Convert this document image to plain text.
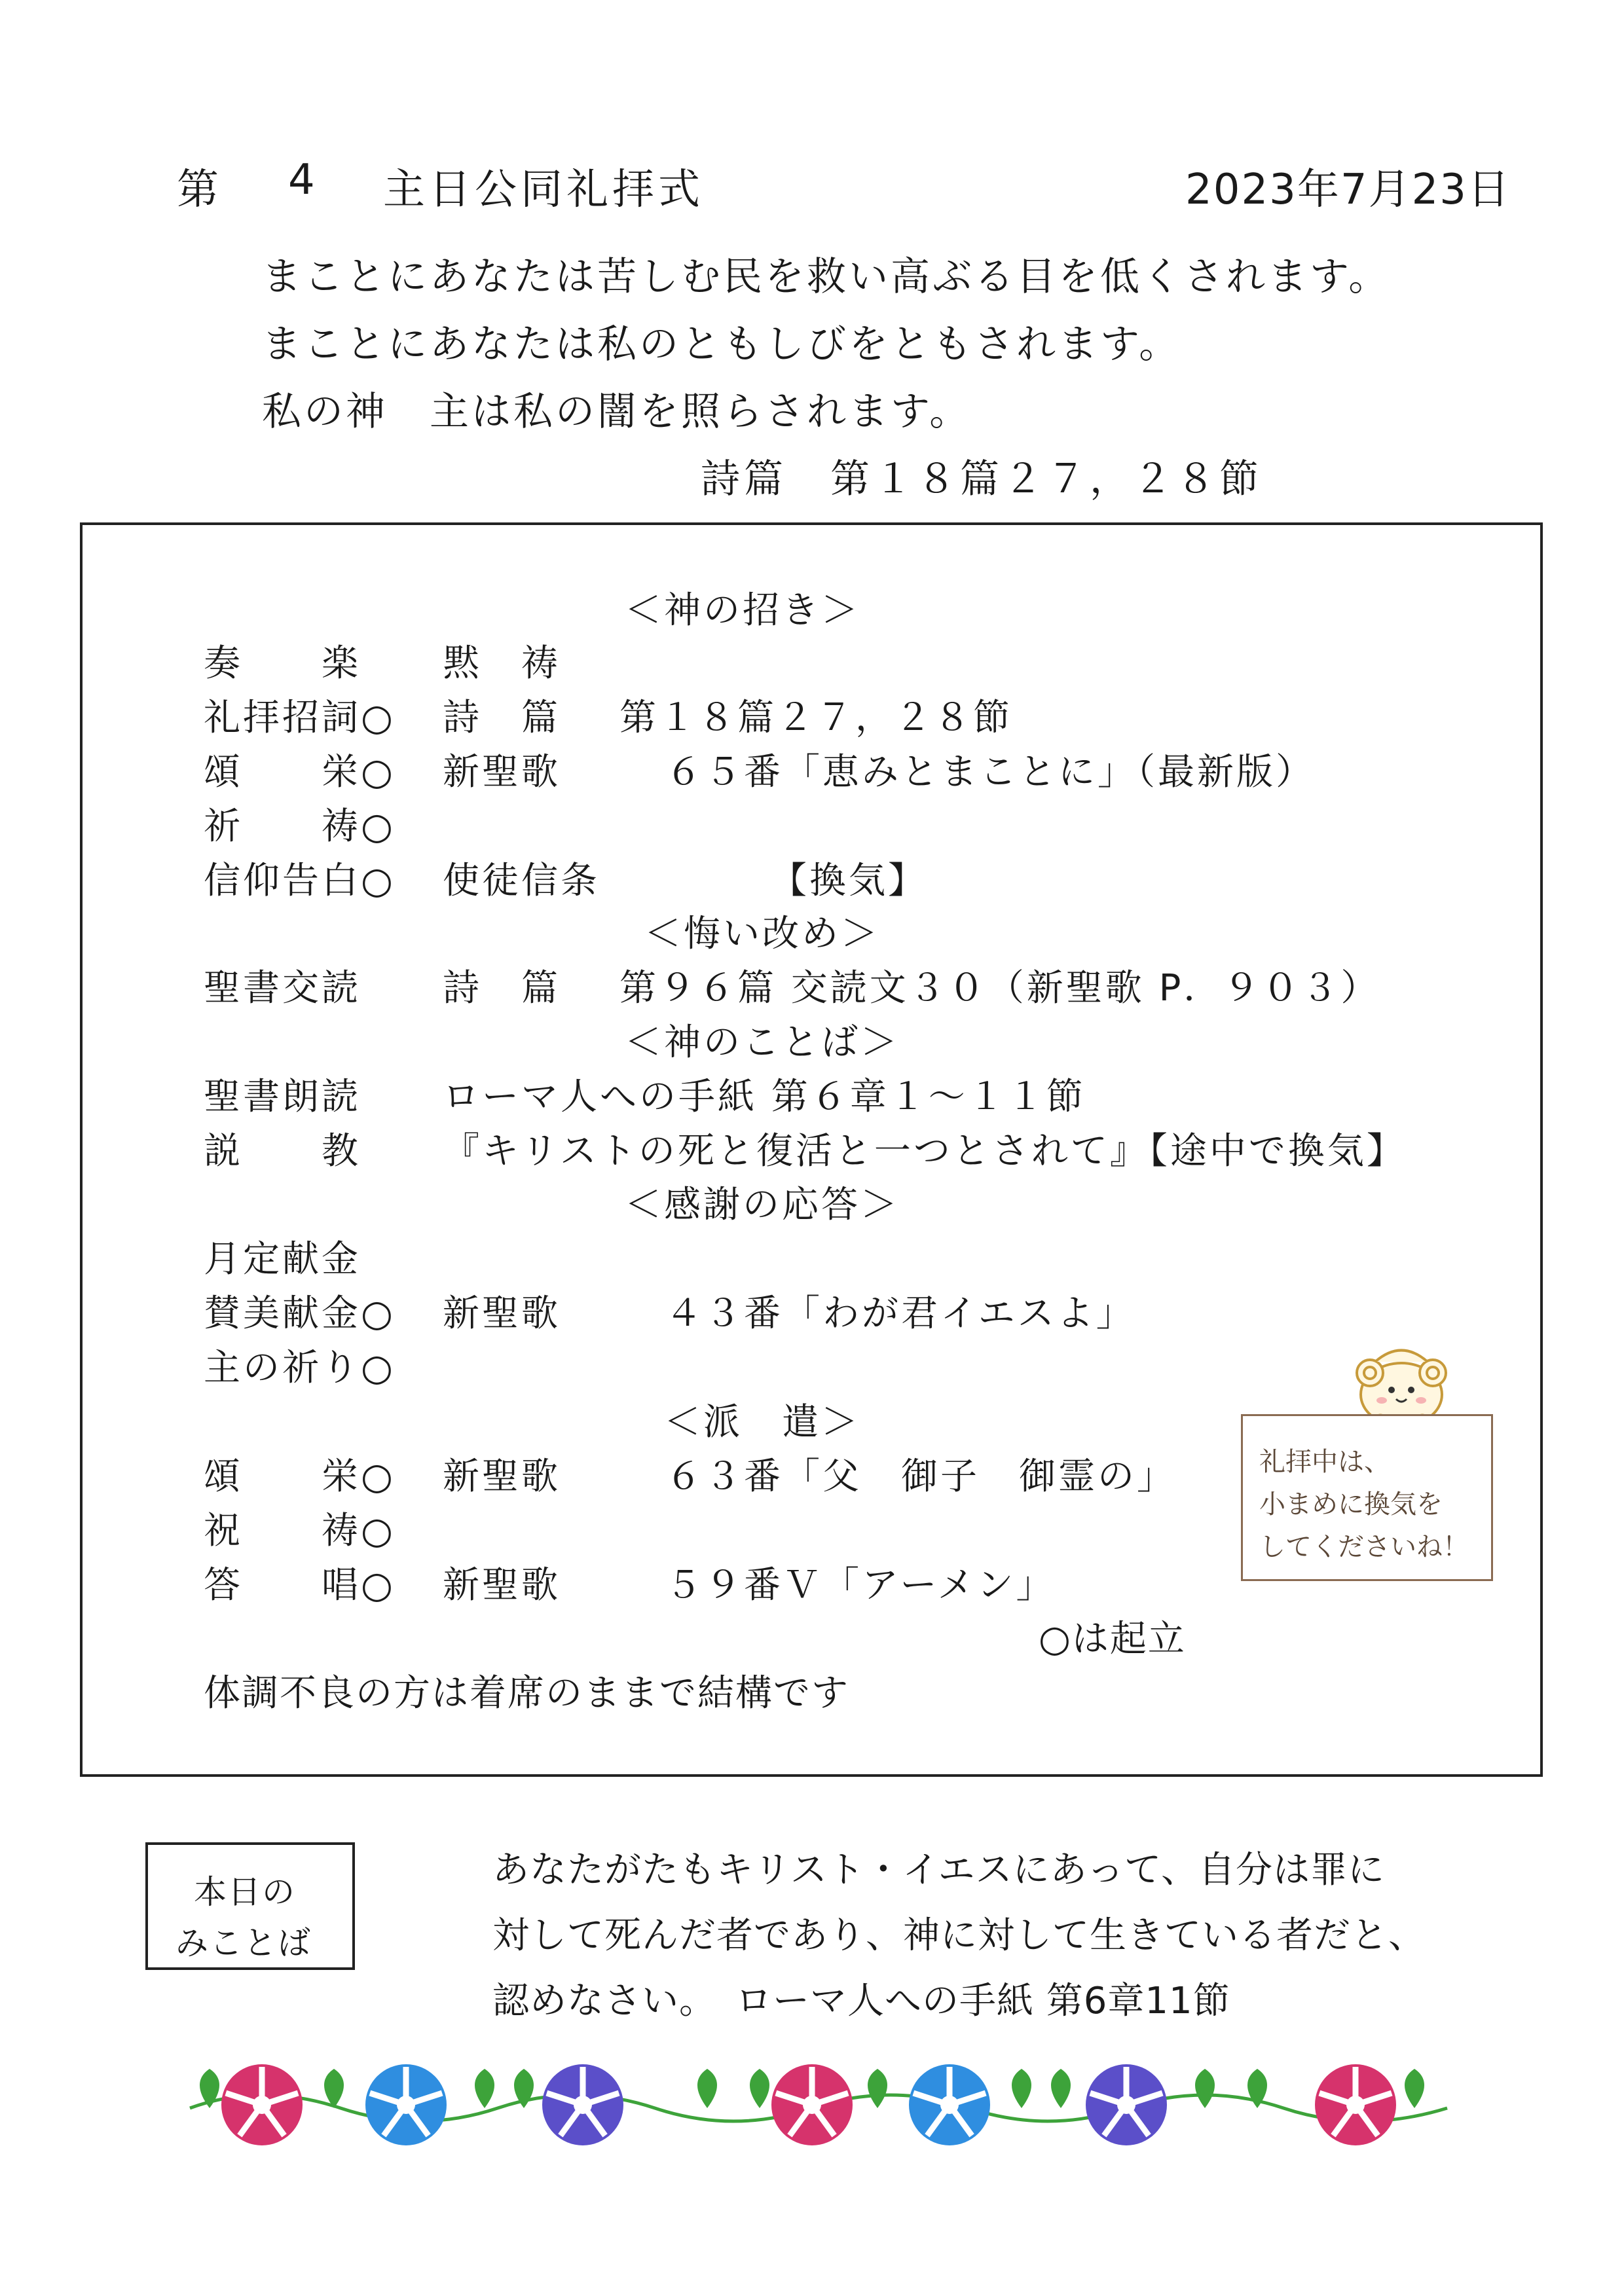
第 4 主日公同礼拝式	2023年7月23日
まことにあなたは苦しむ民を救い高ぶる目を低くされます。
まことにあなたは私のともしびをともされます。
私の神　主は私の闇を照らされます。
詩篇　第１８篇２７，２８節
＜神の招き＞
奏　　楽 黙　祷
礼拝招詞○ 詩　篇 第１８篇２７，２８節
頌　　栄○ 新聖歌	６５番「恵みとまことに」（最新版）
祈　　祷○
信仰告白○ 使徒信条	【換気】
＜悔い改め＞
聖書交読 詩　篇 第９６篇 交読文３０（新聖歌 P．９０３）
＜神のことば＞
聖書朗読 ローマ人への手紙 第６章１～１１節
説　　教 『キリストの死と復活と一つとされて』【途中で換気】
＜感謝の応答＞
月定献金
賛美献金○ 新聖歌	４３番「わが君イエスよ」
主の祈り○
＜派　遣＞
頌　　栄○ 新聖歌	６３番「父　御子　御霊の」
祝　　祷○
答　　唱○ 新聖歌	５９番Ｖ「アーメン」
○は起立
体調不良の方は着席のままで結構です
礼拝中は、
小まめに換気を
してくださいね！
本日の
みことば
あなたがたもキリスト・イエスにあって、自分は罪に
対して死んだ者であり、神に対して生きている者だと、
認めなさい。　ローマ人への手紙 第6章11節
